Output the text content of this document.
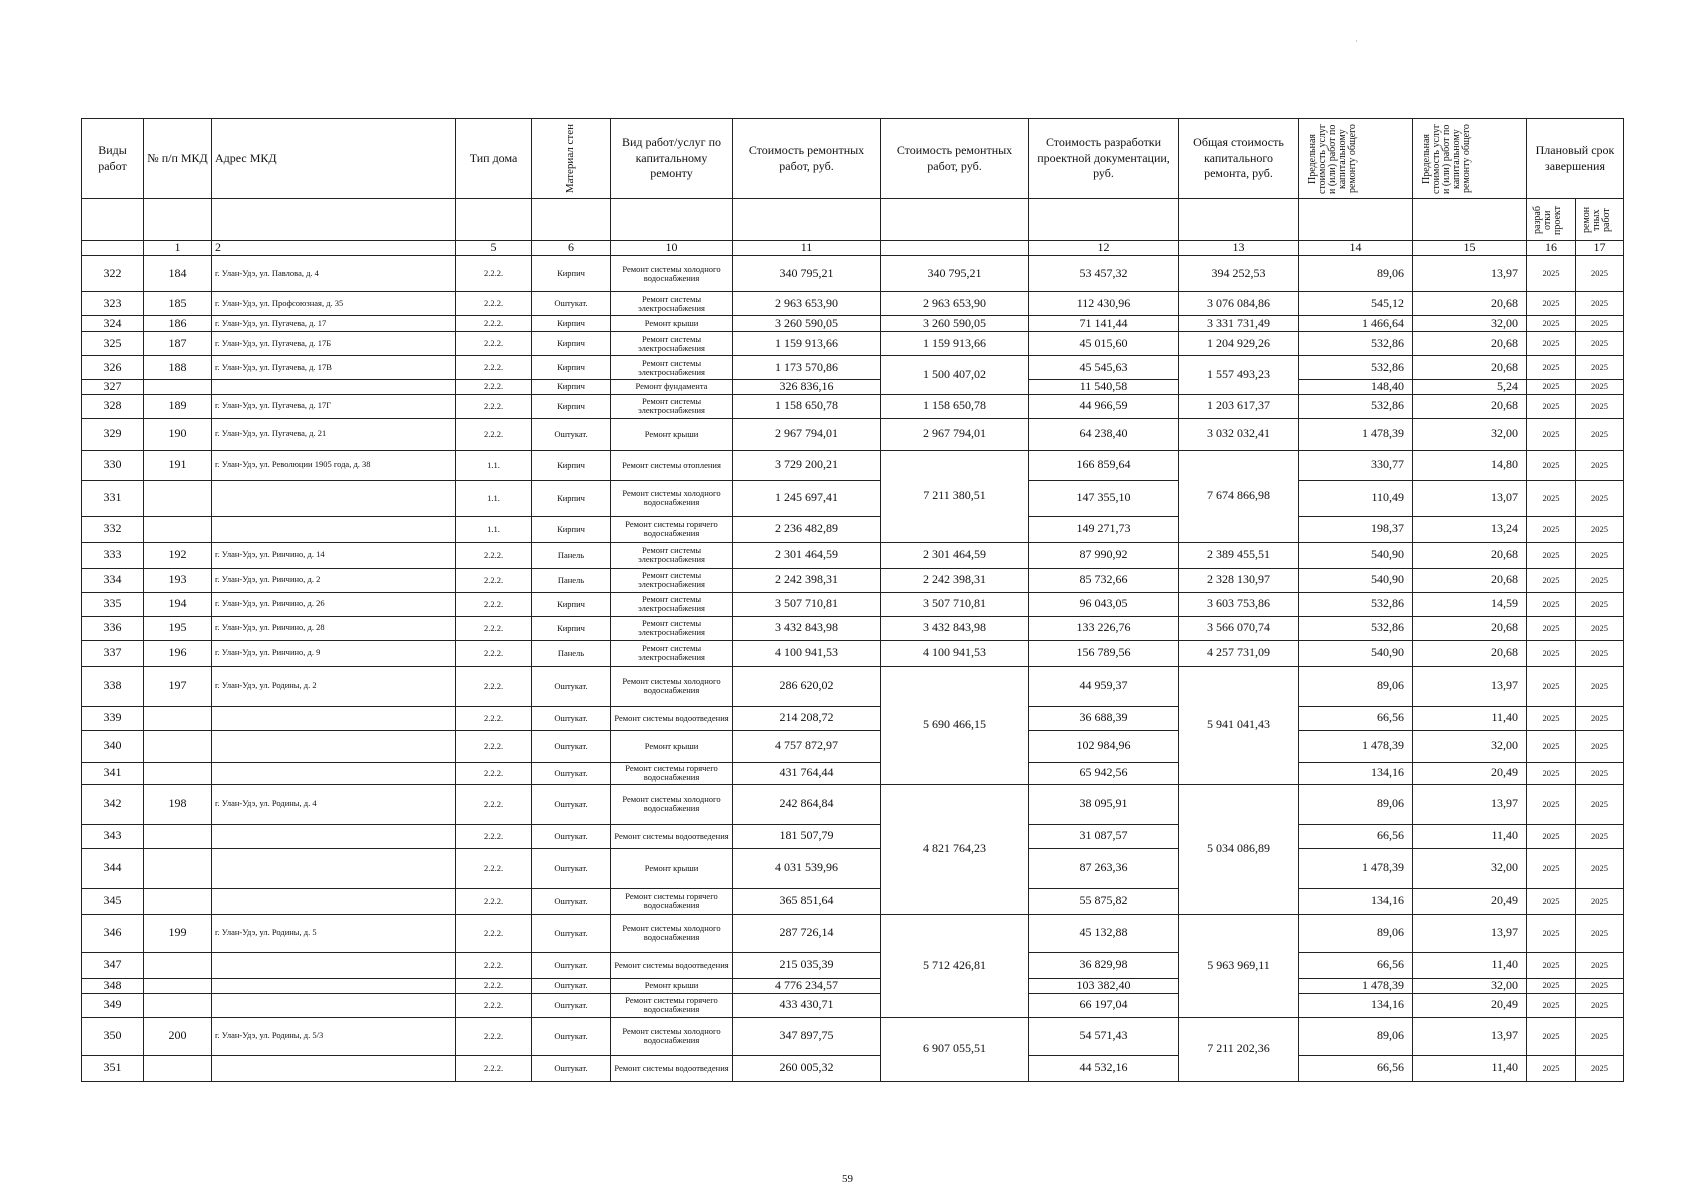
·
Виды работ	№ п/п МКД	Адрес МКД	Тип дома	Материал стен	Вид работ/услуг по капитальному ремонту	Стоимость ремонтных работ, руб.	Стоимость ремонтных работ, руб.	Стоимость разработки проектной документации, руб.	Общая стоимость капитального ремонта, руб.	Предельная стоимость услуг и (или) работ по капитальному ремонту общего	Предельная стоимость услуг и (или) работ по капитальному ремонту общего	Плановый срок завершения	

												разраб отки проект	ремон тных работ

	1	2	5	6	10	11		12	13	14	15	16	17
322	184	г. Улан-Удэ, ул. Павлова, д. 4	2.2.2.	Кирпич	Ремонт системы холодного водоснабжения	340 795,21	340 795,21	53 457,32	394 252,53	89,06	13,97	2025	2025
323	185	г. Улан-Удэ, ул. Профсоюзная, д. 35	2.2.2.	Оштукат.	Ремонт системы электроснабжения	2 963 653,90	2 963 653,90	112 430,96	3 076 084,86	545,12	20,68	2025	2025
324	186	г. Улан-Удэ, ул. Пугачева, д. 17	2.2.2.	Кирпич	Ремонт крыши	3 260 590,05	3 260 590,05	71 141,44	3 331 731,49	1 466,64	32,00	2025	2025
325	187	г. Улан-Удэ, ул. Пугачева, д. 17Б	2.2.2.	Кирпич	Ремонт системы электроснабжения	1 159 913,66	1 159 913,66	45 015,60	1 204 929,26	532,86	20,68	2025	2025
326	188	г. Улан-Удэ, ул. Пугачева, д. 17В	2.2.2.	Кирпич	Ремонт системы электроснабжения	1 173 570,86	1 500 407,02	45 545,63	1 557 493,23	532,86	20,68	2025	2025
327			2.2.2.	Кирпич	Ремонт фундамента	326 836,16		11 540,58		148,40	5,24	2025	2025
328	189	г. Улан-Удэ, ул. Пугачева, д. 17Г	2.2.2.	Кирпич	Ремонт системы электроснабжения	1 158 650,78	1 158 650,78	44 966,59	1 203 617,37	532,86	20,68	2025	2025
329	190	г. Улан-Удэ, ул. Пугачева, д. 21	2.2.2.	Оштукат.	Ремонт крыши	2 967 794,01	2 967 794,01	64 238,40	3 032 032,41	1 478,39	32,00	2025	2025
330	191	г. Улан-Удэ, ул. Революции 1905 года, д. 38	1.1.	Кирпич	Ремонт системы отопления	3 729 200,21	7 211 380,51	166 859,64	7 674 866,98	330,77	14,80	2025	2025
331			1.1.	Кирпич	Ремонт системы холодного водоснабжения	1 245 697,41		147 355,10		110,49	13,07	2025	2025
332			1.1.	Кирпич	Ремонт системы горячего водоснабжения	2 236 482,89		149 271,73		198,37	13,24	2025	2025
333	192	г. Улан-Удэ, ул. Ринчино, д. 14	2.2.2.	Панель	Ремонт системы электроснабжения	2 301 464,59	2 301 464,59	87 990,92	2 389 455,51	540,90	20,68	2025	2025
334	193	г. Улан-Удэ, ул. Ринчино, д. 2	2.2.2.	Панель	Ремонт системы электроснабжения	2 242 398,31	2 242 398,31	85 732,66	2 328 130,97	540,90	20,68	2025	2025
335	194	г. Улан-Удэ, ул. Ринчино, д. 26	2.2.2.	Кирпич	Ремонт системы электроснабжения	3 507 710,81	3 507 710,81	96 043,05	3 603 753,86	532,86	14,59	2025	2025
336	195	г. Улан-Удэ, ул. Ринчино, д. 28	2.2.2.	Кирпич	Ремонт системы электроснабжения	3 432 843,98	3 432 843,98	133 226,76	3 566 070,74	532,86	20,68	2025	2025
337	196	г. Улан-Удэ, ул. Ринчино, д. 9	2.2.2.	Панель	Ремонт системы электроснабжения	4 100 941,53	4 100 941,53	156 789,56	4 257 731,09	540,90	20,68	2025	2025
338	197	г. Улан-Удэ, ул. Родины, д. 2	2.2.2.	Оштукат.	Ремонт системы холодного водоснабжения	286 620,02	5 690 466,15	44 959,37	5 941 041,43	89,06	13,97	2025	2025
339			2.2.2.	Оштукат.	Ремонт системы водоотведения	214 208,72		36 688,39		66,56	11,40	2025	2025
340			2.2.2.	Оштукат.	Ремонт крыши	4 757 872,97		102 984,96		1 478,39	32,00	2025	2025
341			2.2.2.	Оштукат.	Ремонт системы горячего водоснабжения	431 764,44		65 942,56		134,16	20,49	2025	2025
342	198	г. Улан-Удэ, ул. Родины, д. 4	2.2.2.	Оштукат.	Ремонт системы холодного водоснабжения	242 864,84	4 821 764,23	38 095,91	5 034 086,89	89,06	13,97	2025	2025
343			2.2.2.	Оштукат.	Ремонт системы водоотведения	181 507,79		31 087,57		66,56	11,40	2025	2025
344			2.2.2.	Оштукат.	Ремонт крыши	4 031 539,96		87 263,36		1 478,39	32,00	2025	2025
345			2.2.2.	Оштукат.	Ремонт системы горячего водоснабжения	365 851,64		55 875,82		134,16	20,49	2025	2025
346	199	г. Улан-Удэ, ул. Родины, д. 5	2.2.2.	Оштукат.	Ремонт системы холодного водоснабжения	287 726,14	5 712 426,81	45 132,88	5 963 969,11	89,06	13,97	2025	2025
347			2.2.2.	Оштукат.	Ремонт системы водоотведения	215 035,39		36 829,98		66,56	11,40	2025	2025
348			2.2.2.	Оштукат.	Ремонт крыши	4 776 234,57		103 382,40		1 478,39	32,00	2025	2025
349			2.2.2.	Оштукат.	Ремонт системы горячего водоснабжения	433 430,71		66 197,04		134,16	20,49	2025	2025
350	200	г. Улан-Удэ, ул. Родины, д. 5/3	2.2.2.	Оштукат.	Ремонт системы холодного водоснабжения	347 897,75	6 907 055,51	54 571,43	7 211 202,36	89,06	13,97	2025	2025
351			2.2.2.	Оштукат.	Ремонт системы водоотведения	260 005,32		44 532,16		66,56	11,40	2025	2025
59
